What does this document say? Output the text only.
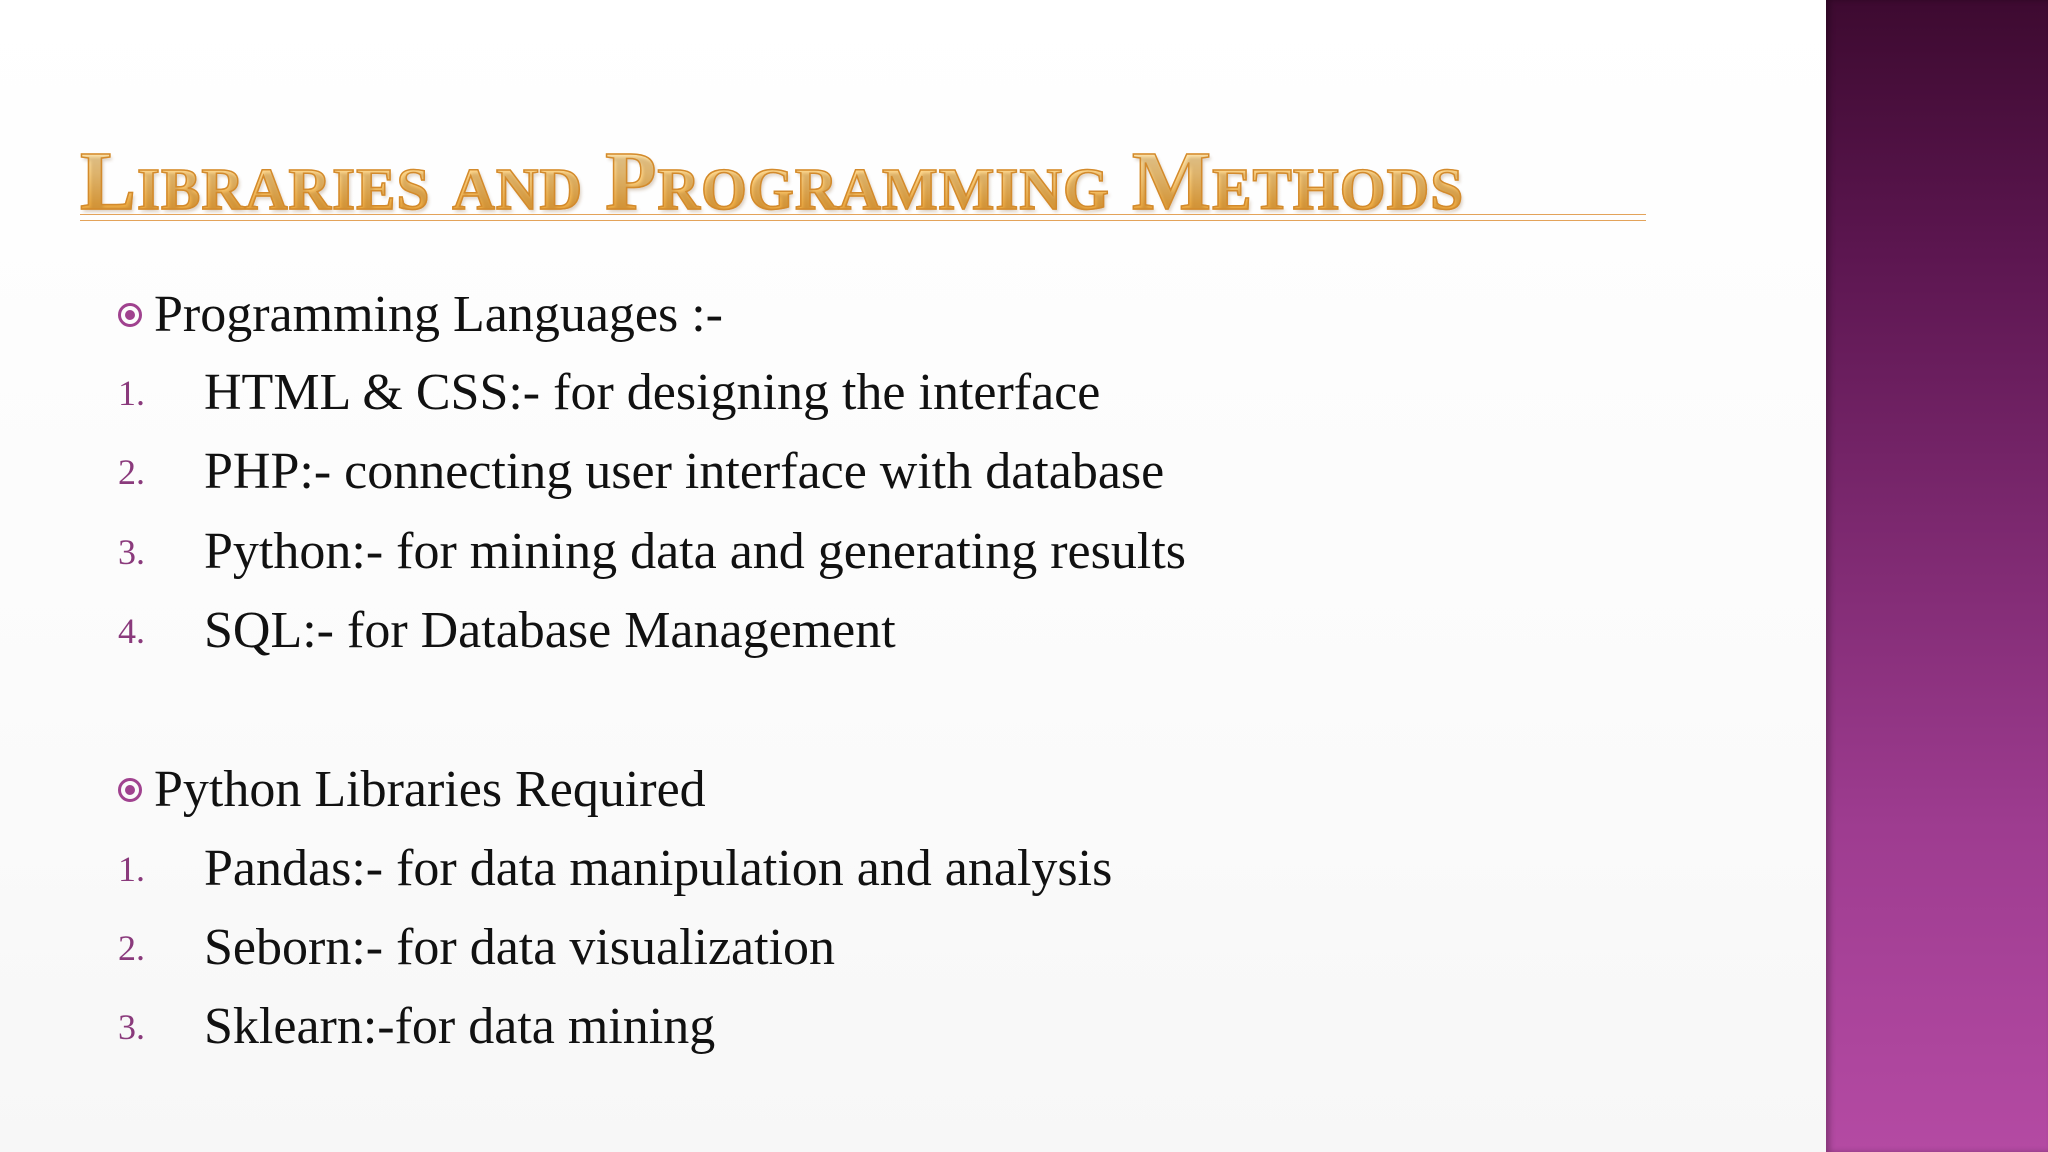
Libraries and Programming Methods
Programming Languages :-
1. HTML & CSS:- for designing the interface
2. PHP:- connecting user interface with database
3. Python:- for mining data and generating results
4. SQL:- for Database Management
Python Libraries Required
1. Pandas:- for data manipulation and analysis
2. Seborn:- for data visualization
3. Sklearn:-for data mining
